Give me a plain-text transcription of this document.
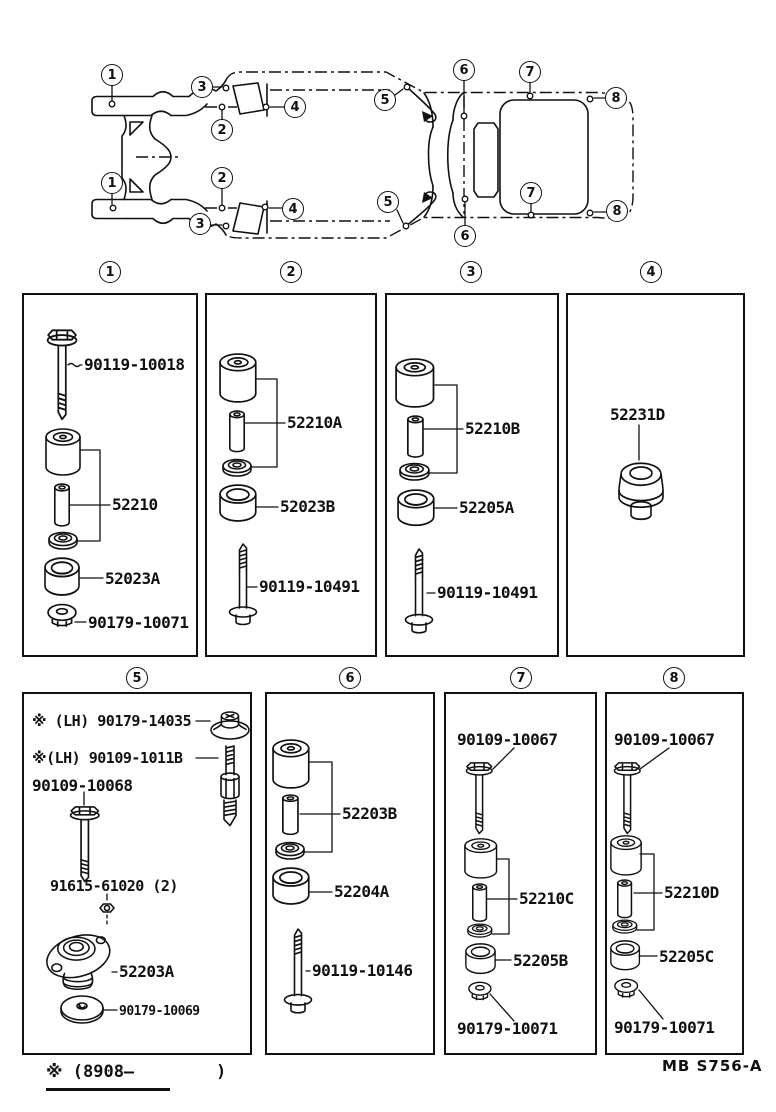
1
1
2
2
3
3
4
4
5
5
6
6
7
7
8
8
1	2	3	4
5	6	7	8
90119-10018
52210
52023A
90179-10071
52210A
52023B
90119-10491
52210B
52205A
90119-10491
52231D
※ (LH) 90179-14035
※(LH) 90109-1011B
90109-10068
91615-61020 (2)
52203A
90179-10069
52203B
52204A
90119-10146
90109-10067
52210C
52205B
90179-10071
90109-10067
52210D
52205C
90179-10071
※ (8908—        )	MB S756-A
